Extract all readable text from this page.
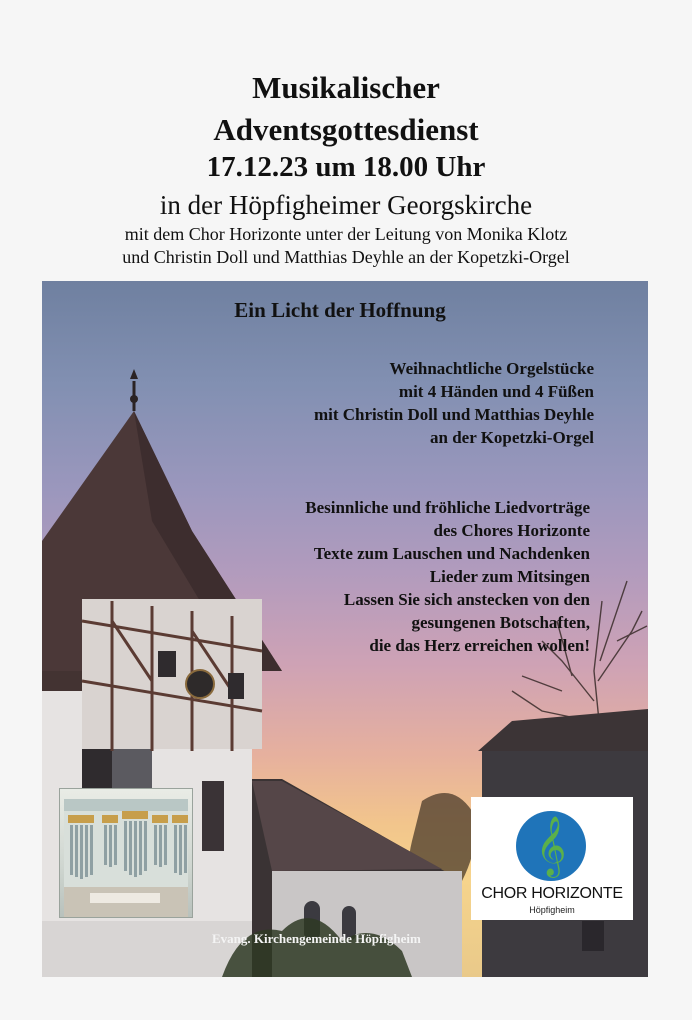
Musikalischer
Adventsgottesdienst
17.12.23 um 18.00 Uhr
in der Höpfigheimer Georgskirche
mit dem Chor Horizonte unter der Leitung von Monika Klotz
und Christin Doll und Matthias Deyhle an der Kopetzki-Orgel
Ein Licht der Hoffnung
Weihnachtliche Orgelstücke
mit 4 Händen und 4 Füßen
mit Christin Doll und Matthias Deyhle
an der Kopetzki-Orgel
Besinnliche und fröhliche Liedvorträge
des Chores Horizonte
Texte zum Lauschen und Nachdenken
Lieder zum Mitsingen
Lassen Sie sich anstecken von den
gesungenen Botschaften,
die das Herz erreichen wollen!
𝄞
CHOR HORIZONTE
Höpfigheim
Evang. Kirchengemeinde Höpfigheim
